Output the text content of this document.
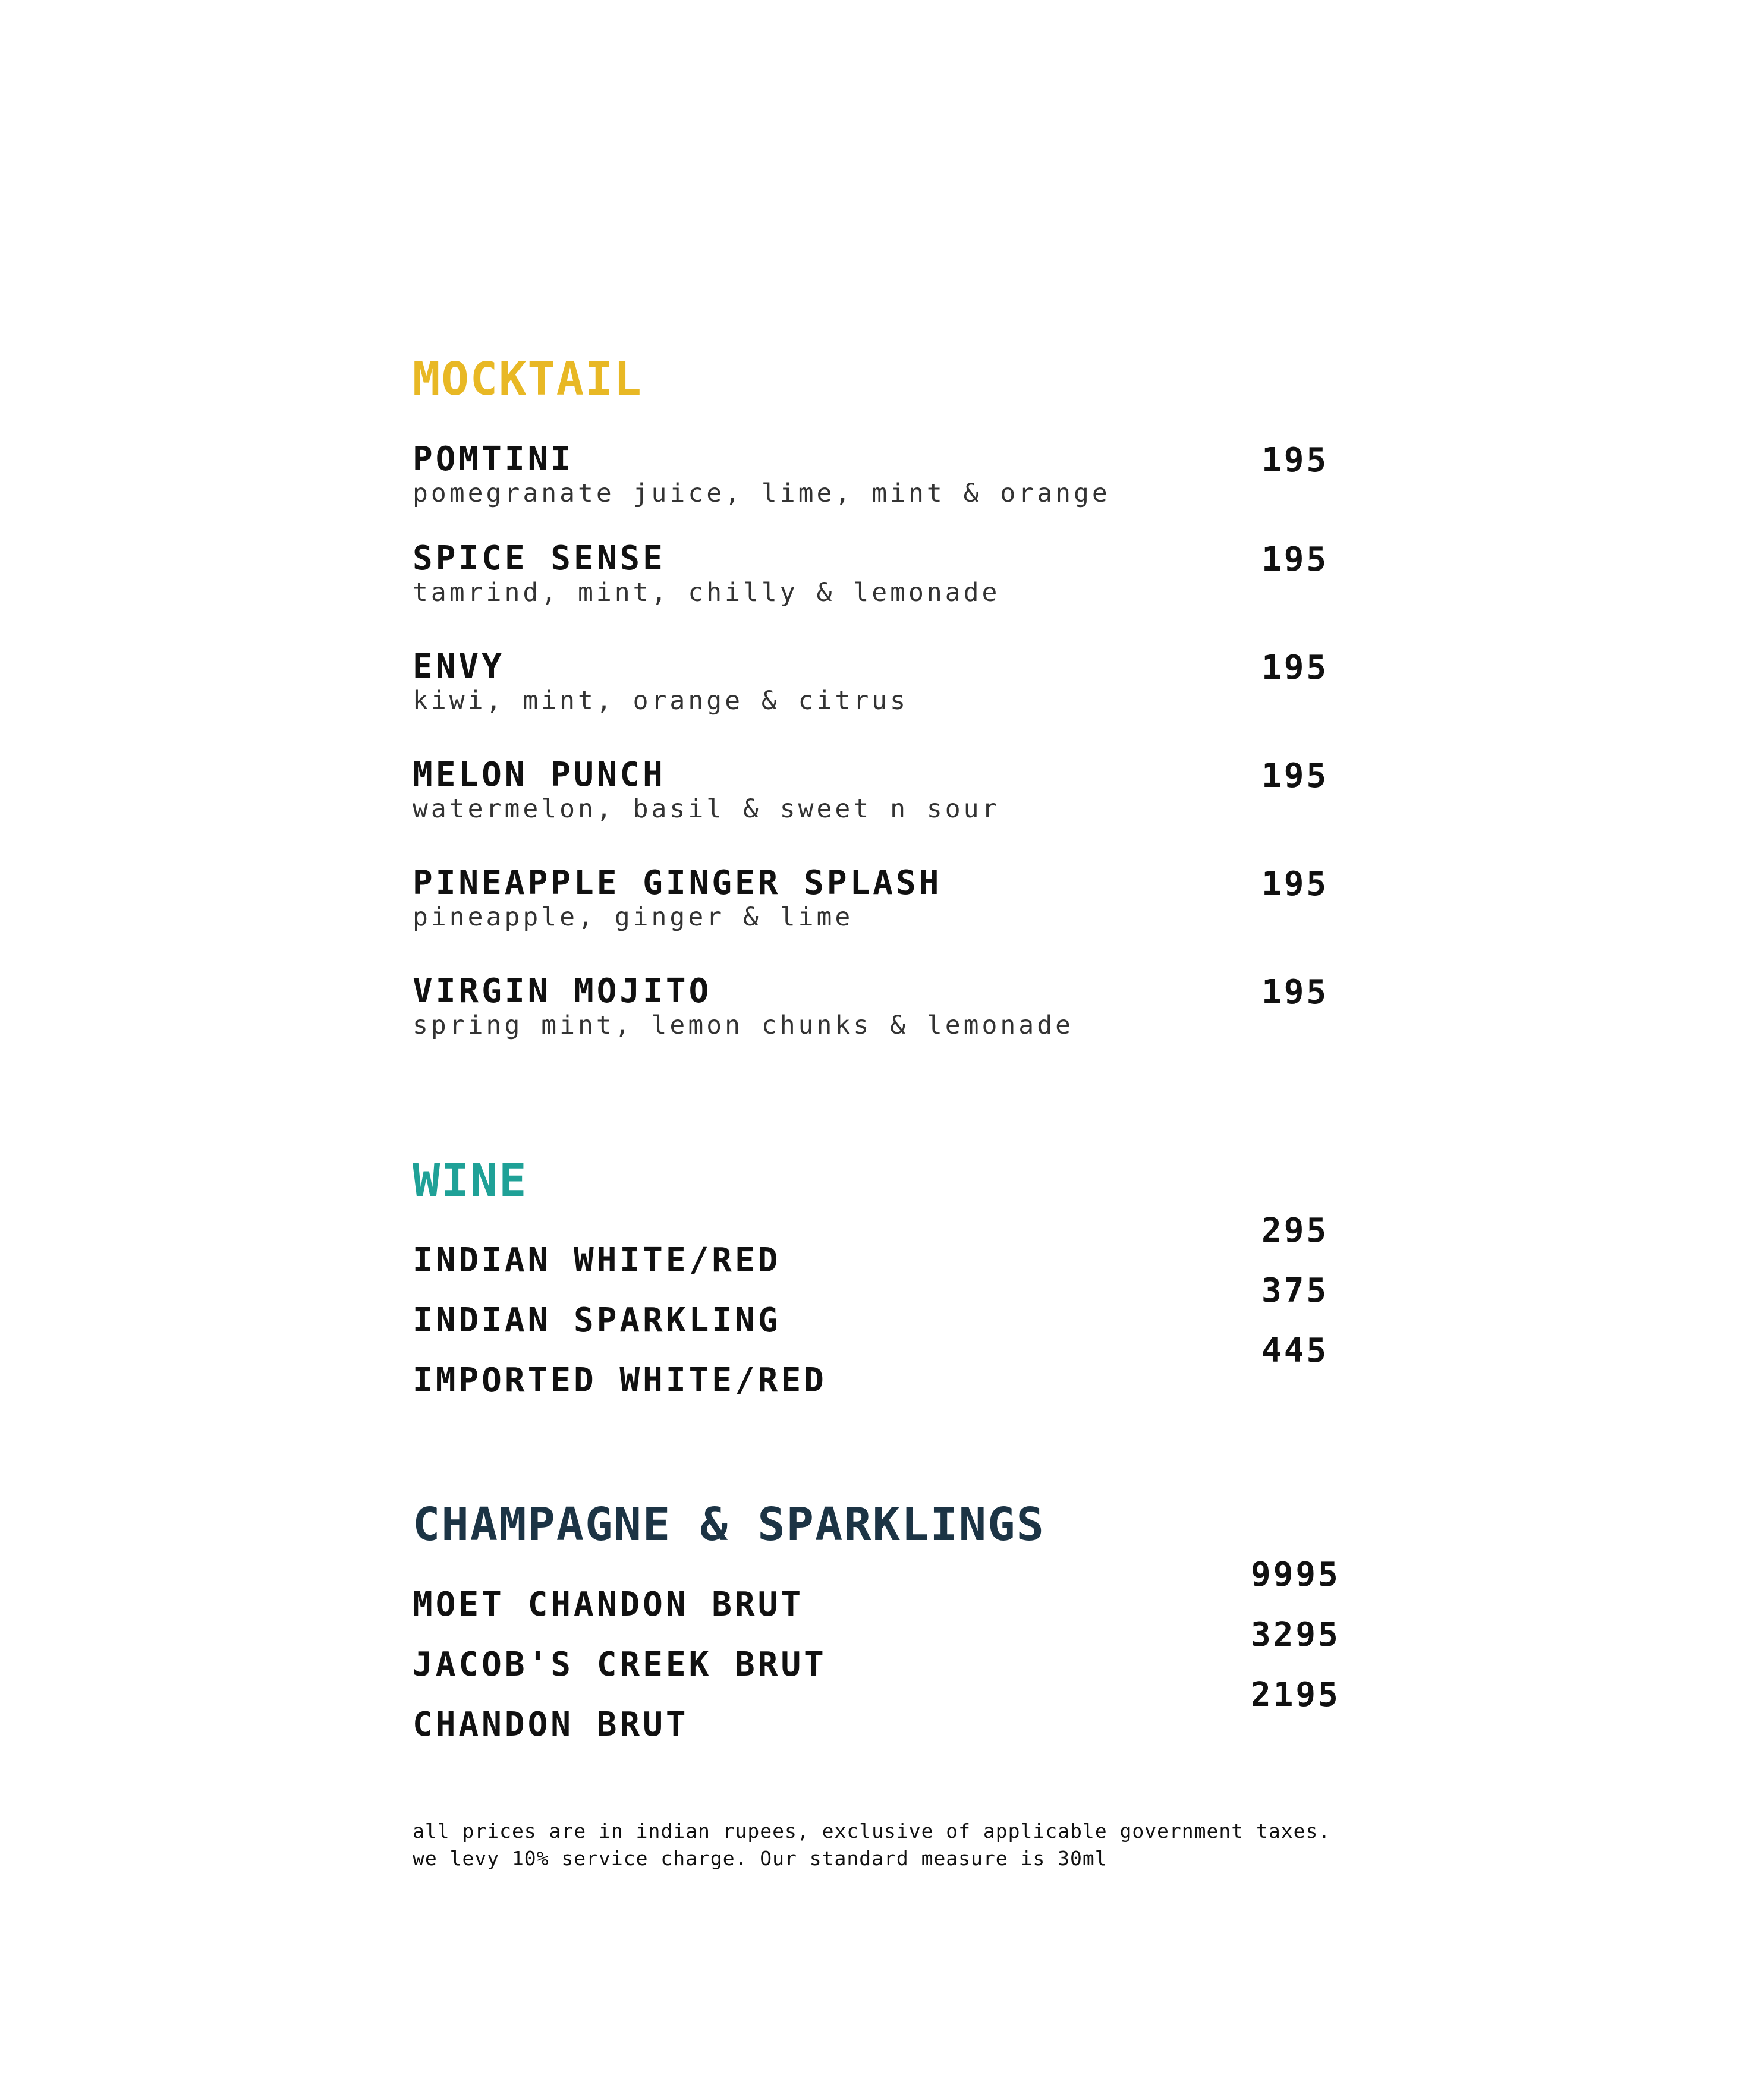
MOCKTAIL
POMTINI
pomegranate juice, lime, mint & orange
195
SPICE SENSE
tamrind, mint, chilly & lemonade
195
ENVY
kiwi, mint, orange & citrus
195
MELON PUNCH
watermelon, basil & sweet n sour
195
PINEAPPLE GINGER SPLASH
pineapple, ginger & lime
195
VIRGIN MOJITO
spring mint, lemon chunks & lemonade
195
WINE
295
375
445
INDIAN WHITE/RED
INDIAN SPARKLING
IMPORTED WHITE/RED
CHAMPAGNE & SPARKLINGS
9995
3295
2195
MOET CHANDON BRUT
JACOB'S CREEK BRUT
CHANDON BRUT
all prices are in indian rupees, exclusive of applicable government taxes.
we levy 10% service charge. Our standard measure is 30ml
